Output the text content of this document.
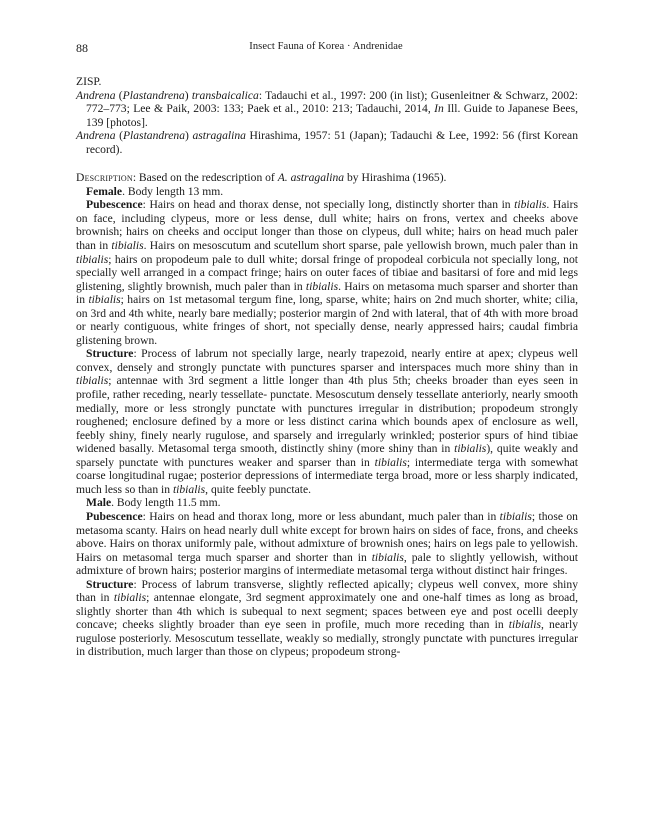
88	Insect Fauna of Korea · Andrenidae

ZISP.

Andrena (Plastandrena) transbaicalica: Tadauchi et al., 1997: 200 (in list); Gusenleitner & Schwarz, 2002: 772–773; Lee & Paik, 2003: 133; Paek et al., 2010: 213; Tadauchi, 2014, In Ill. Guide to Japanese Bees, 139 [photos].

Andrena (Plastandrena) astragalina Hirashima, 1957: 51 (Japan); Tadauchi & Lee, 1992: 56 (first Korean record).

Description: Based on the redescription of A. astragalina by Hirashima (1965).

Female. Body length 13 mm.

Pubescence: Hairs on head and thorax dense, not specially long, distinctly shorter than in tibialis. Hairs on face, including clypeus, more or less dense, dull white; hairs on frons, vertex and cheeks above brownish; hairs on cheeks and occiput longer than those on clypeus, dull white; hairs on head much paler than in tibialis. Hairs on mesoscutum and scutellum short sparse, pale yellowish brown, much paler than in tibialis; hairs on propodeum pale to dull white; dorsal fringe of propodeal corbicula not specially long, not specially well arranged in a compact fringe; hairs on outer faces of tibiae and basitarsi of fore and mid legs glistening, slightly brownish, much paler than in tibialis. Hairs on metasoma much sparser and shorter than in tibialis; hairs on 1st metasomal tergum fine, long, sparse, white; hairs on 2nd much shorter, white; cilia, on 3rd and 4th white, nearly bare medially; posterior margin of 2nd with lateral, that of 4th with more broad or nearly contiguous, white fringes of short, not specially dense, nearly appressed hairs; caudal fimbria glistening brown.

Structure: Process of labrum not specially large, nearly trapezoid, nearly entire at apex; clypeus well convex, densely and strongly punctate with punctures sparser and interspaces much more shiny than in tibialis; antennae with 3rd segment a little longer than 4th plus 5th; cheeks broader than eyes seen in profile, rather receding, nearly tessellate- punctate. Mesoscutum densely tessellate anteriorly, nearly smooth medially, more or less strongly punctate with punctures irregular in distribution; propodeum strongly roughened; enclosure defined by a more or less distinct carina which bounds apex of enclosure as well, feebly shiny, finely nearly rugulose, and sparsely and irregularly wrinkled; posterior spurs of hind tibiae widened basally. Metasomal terga smooth, distinctly shiny (more shiny than in tibialis), quite weakly and sparsely punctate with punctures weaker and sparser than in tibialis; intermediate terga with somewhat coarse longitudinal rugae; posterior depressions of intermediate terga broad, more or less sharply indicated, much less so than in tibialis, quite feebly punctate.

Male. Body length 11.5 mm.

Pubescence: Hairs on head and thorax long, more or less abundant, much paler than in tibialis; those on metasoma scanty. Hairs on head nearly dull white except for brown hairs on sides of face, frons, and cheeks above. Hairs on thorax uniformly pale, without admixture of brownish ones; hairs on legs pale to yellowish. Hairs on metasomal terga much sparser and shorter than in tibialis, pale to slightly yellowish, without admixture of brown hairs; posterior margins of intermediate metasomal terga without distinct hair fringes.

Structure: Process of labrum transverse, slightly reflected apically; clypeus well convex, more shiny than in tibialis; antennae elongate, 3rd segment approximately one and one-half times as long as broad, slightly shorter than 4th which is subequal to next segment; spaces between eye and post ocelli deeply concave; cheeks slightly broader than eye seen in profile, much more receding than in tibialis, nearly rugulose posteriorly. Mesoscutum tessellate, weakly so medially, strongly punctate with punctures irregular in distribution, much larger than those on clypeus; propodeum strong-
